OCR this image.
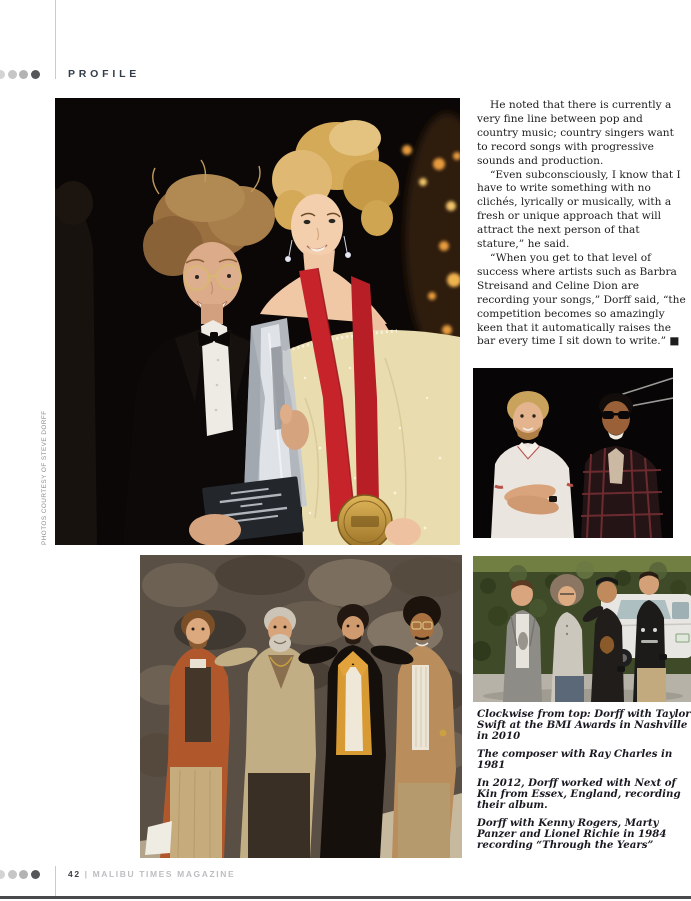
PROFILE
PHOTOS COURTESY OF STEVE DORFF

He noted that there is currently a very fine line between pop and country music; country singers want to record songs with progressive sounds and production.

“Even subconsciously, I know that I have to write something with no clichés, lyrically or musically, with a fresh or unique approach that will attract the next person of that stature,” he said.

“When you get to that level of success where artists such as Barbra Streisand and Celine Dion are recording your songs,” Dorff said, “the competition becomes so amazingly keen that it automatically raises the bar every time I sit down to write.” ■

Clockwise from top: Dorff with Taylor Swift at the BMI Awards in Nashville in 2010

The composer with Ray Charles in 1981

In 2012, Dorff worked with Next of Kin from Essex, England, recording their album.

Dorff with Kenny Rogers, Marty Panzer and Lionel Richie in 1984 recording “Through the Years”

42 | MALIBU TIMES MAGAZINE
